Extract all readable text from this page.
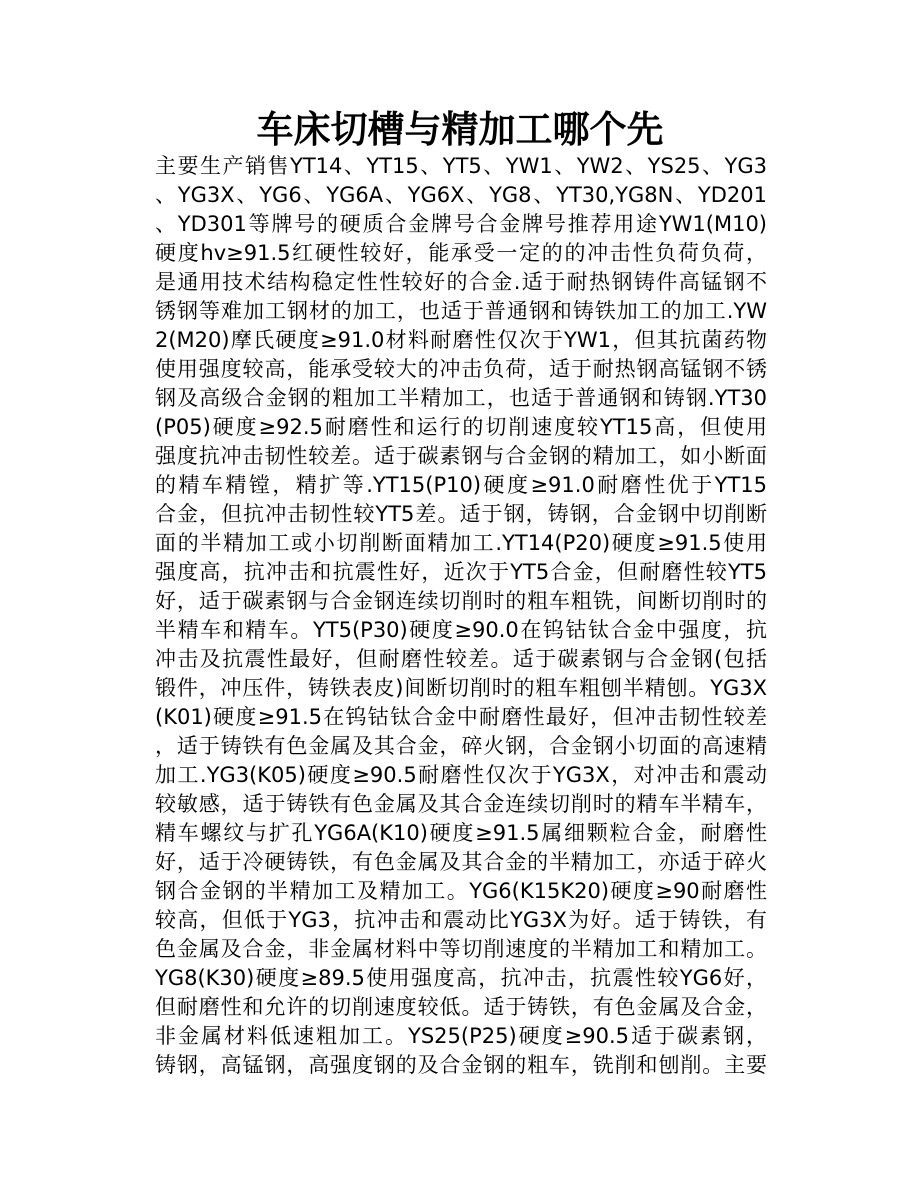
车床切槽与精加工哪个先
主要生产销售YT14、YT15、YT5、YW1、YW2、YS25、YG3
、YG3X、YG6、YG6A、YG6X、YG8、YT30,YG8N、YD201
、YD301等牌号的硬质合金牌号合金牌号推荐用途YW1(M10)
硬度hv≥91.5红硬性较好，能承受一定的的冲击性负荷负荷，
是通用技术结构稳定性性较好的合金.适于耐热钢铸件高锰钢不
锈钢等难加工钢材的加工，也适于普通钢和铸铁加工的加工.YW
2(M20)摩氏硬度≥91.0材料耐磨性仅次于YW1，但其抗菌药物
使用强度较高，能承受较大的冲击负荷，适于耐热钢高锰钢不锈
钢及高级合金钢的粗加工半精加工，也适于普通钢和铸钢.YT30
(P05)硬度≥92.5耐磨性和运行的切削速度较YT15高，但使用
强度抗冲击韧性较差。适于碳素钢与合金钢的精加工，如小断面
的精车精镗，精扩等.YT15(P10)硬度≥91.0耐磨性优于YT15
合金，但抗冲击韧性较YT5差。适于钢，铸钢，合金钢中切削断
面的半精加工或小切削断面精加工.YT14(P20)硬度≥91.5使用
强度高，抗冲击和抗震性好，近次于YT5合金，但耐磨性较YT5
好，适于碳素钢与合金钢连续切削时的粗车粗铣，间断切削时的
半精车和精车。YT5(P30)硬度≥90.0在钨钴钛合金中强度，抗
冲击及抗震性最好，但耐磨性较差。适于碳素钢与合金钢(包括
锻件，冲压件，铸铁表皮)间断切削时的粗车粗刨半精刨。YG3X
(K01)硬度≥91.5在钨钴钛合金中耐磨性最好，但冲击韧性较差
，适于铸铁有色金属及其合金，碎火钢，合金钢小切面的高速精
加工.YG3(K05)硬度≥90.5耐磨性仅次于YG3X，对冲击和震动
较敏感，适于铸铁有色金属及其合金连续切削时的精车半精车，
精车螺纹与扩孔YG6A(K10)硬度≥91.5属细颗粒合金，耐磨性
好，适于冷硬铸铁，有色金属及其合金的半精加工，亦适于碎火
钢合金钢的半精加工及精加工。YG6(K15K20)硬度≥90耐磨性
较高，但低于YG3，抗冲击和震动比YG3X为好。适于铸铁，有
色金属及合金，非金属材料中等切削速度的半精加工和精加工。
YG8(K30)硬度≥89.5使用强度高，抗冲击，抗震性较YG6好，
但耐磨性和允许的切削速度较低。适于铸铁，有色金属及合金，
非金属材料低速粗加工。YS25(P25)硬度≥90.5适于碳素钢，
铸钢，高锰钢，高强度钢的及合金钢的粗车，铣削和刨削。主要
